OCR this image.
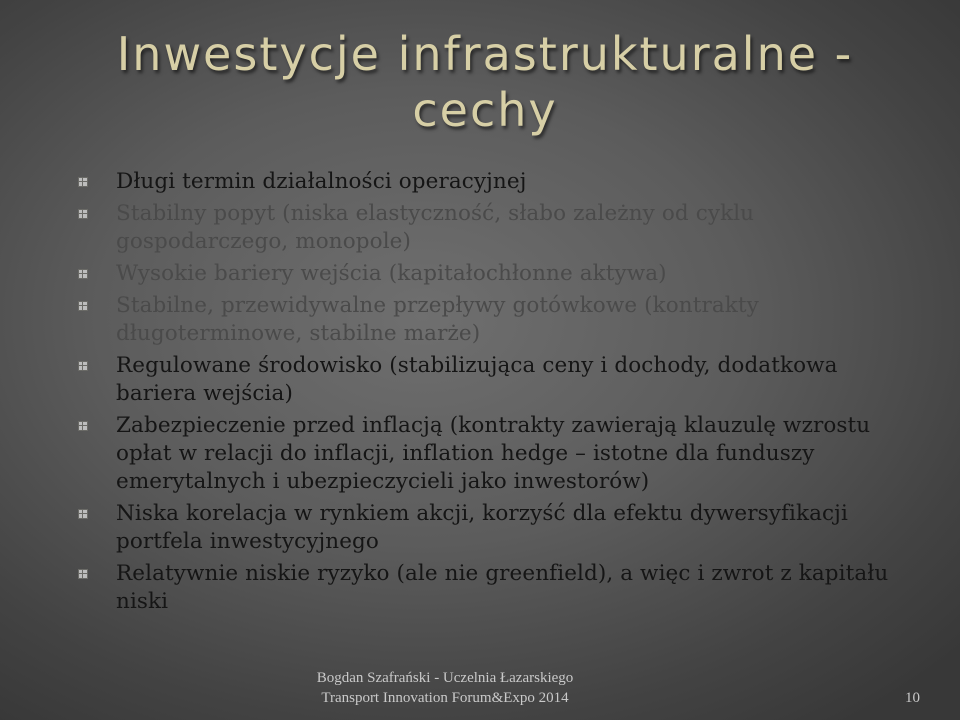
Inwestycje infrastrukturalne - cechy
Długi termin działalności operacyjnej
Stabilny popyt (niska elastyczność, słabo zależny od cyklu gospodarczego, monopole)
Wysokie bariery wejścia (kapitałochłonne aktywa)
Stabilne, przewidywalne przepływy gotówkowe (kontrakty długoterminowe, stabilne marże)
Regulowane środowisko (stabilizująca ceny i dochody, dodatkowa bariera wejścia)
Zabezpieczenie przed inflacją (kontrakty zawierają klauzulę wzrostu opłat w relacji do inflacji, inflation hedge – istotne dla funduszy emerytalnych i ubezpieczycieli jako inwestorów)
Niska korelacja w rynkiem akcji, korzyść dla efektu dywersyfikacji portfela inwestycyjnego
Relatywnie niskie ryzyko (ale nie greenfield), a więc i zwrot z kapitału niski
Bogdan Szafrański - Uczelnia Łazarskiego
Transport Innovation Forum&Expo 2014	10
